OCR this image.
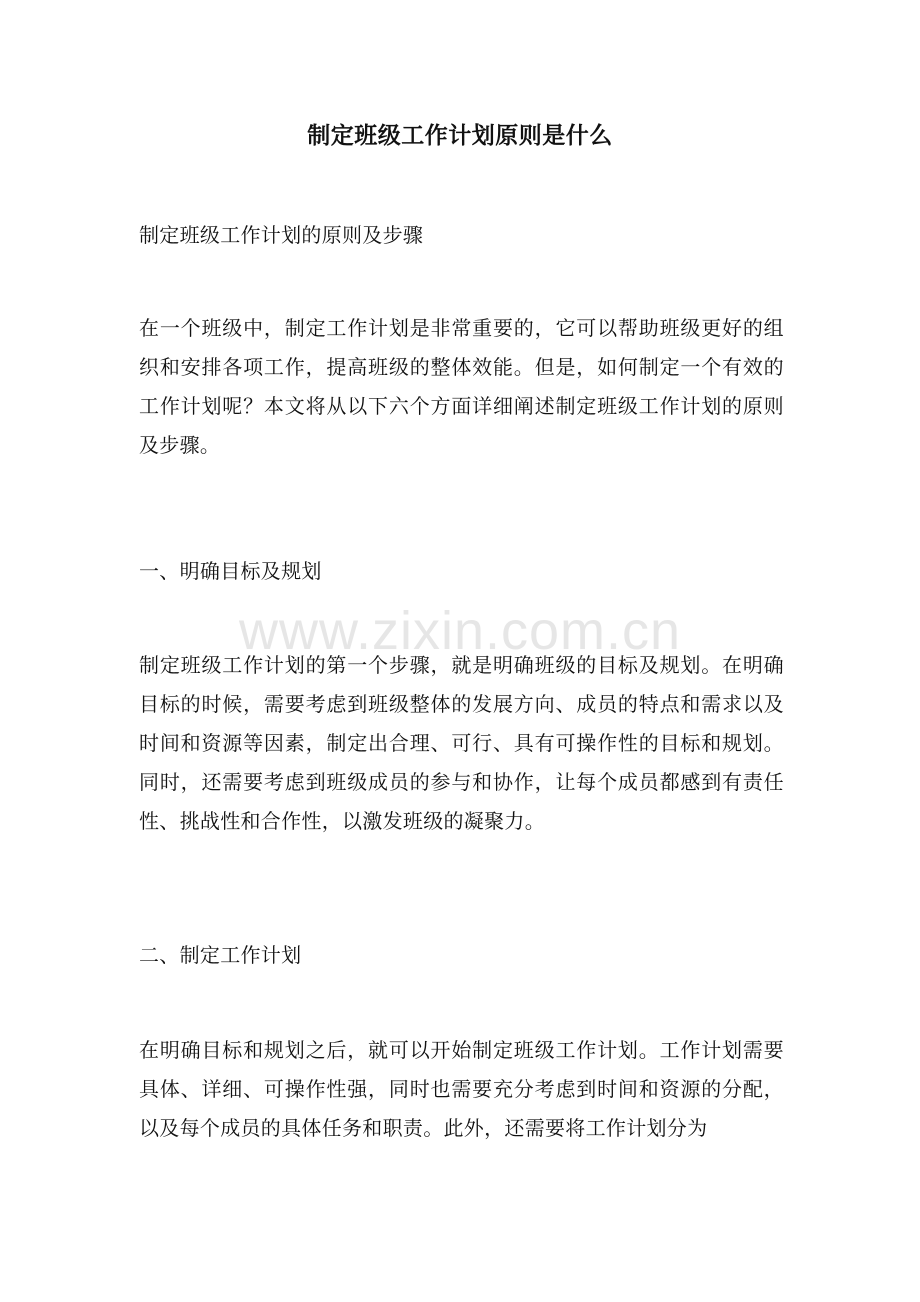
制定班级工作计划原则是什么

制定班级工作计划的原则及步骤

在一个班级中，制定工作计划是非常重要的，它可以帮助班级更好的组织和安排各项工作，提高班级的整体效能。但是，如何制定一个有效的工作计划呢？本文将从以下六个方面详细阐述制定班级工作计划的原则及步骤。

一、明确目标及规划

制定班级工作计划的第一个步骤，就是明确班级的目标及规划。在明确目标的时候，需要考虑到班级整体的发展方向、成员的特点和需求以及时间和资源等因素，制定出合理、可行、具有可操作性的目标和规划。同时，还需要考虑到班级成员的参与和协作，让每个成员都感到有责任性、挑战性和合作性，以激发班级的凝聚力。

二、制定工作计划

在明确目标和规划之后，就可以开始制定班级工作计划。工作计划需要具体、详细、可操作性强，同时也需要充分考虑到时间和资源的分配，以及每个成员的具体任务和职责。此外，还需要将工作计划分为

www.zixin.com.cn
